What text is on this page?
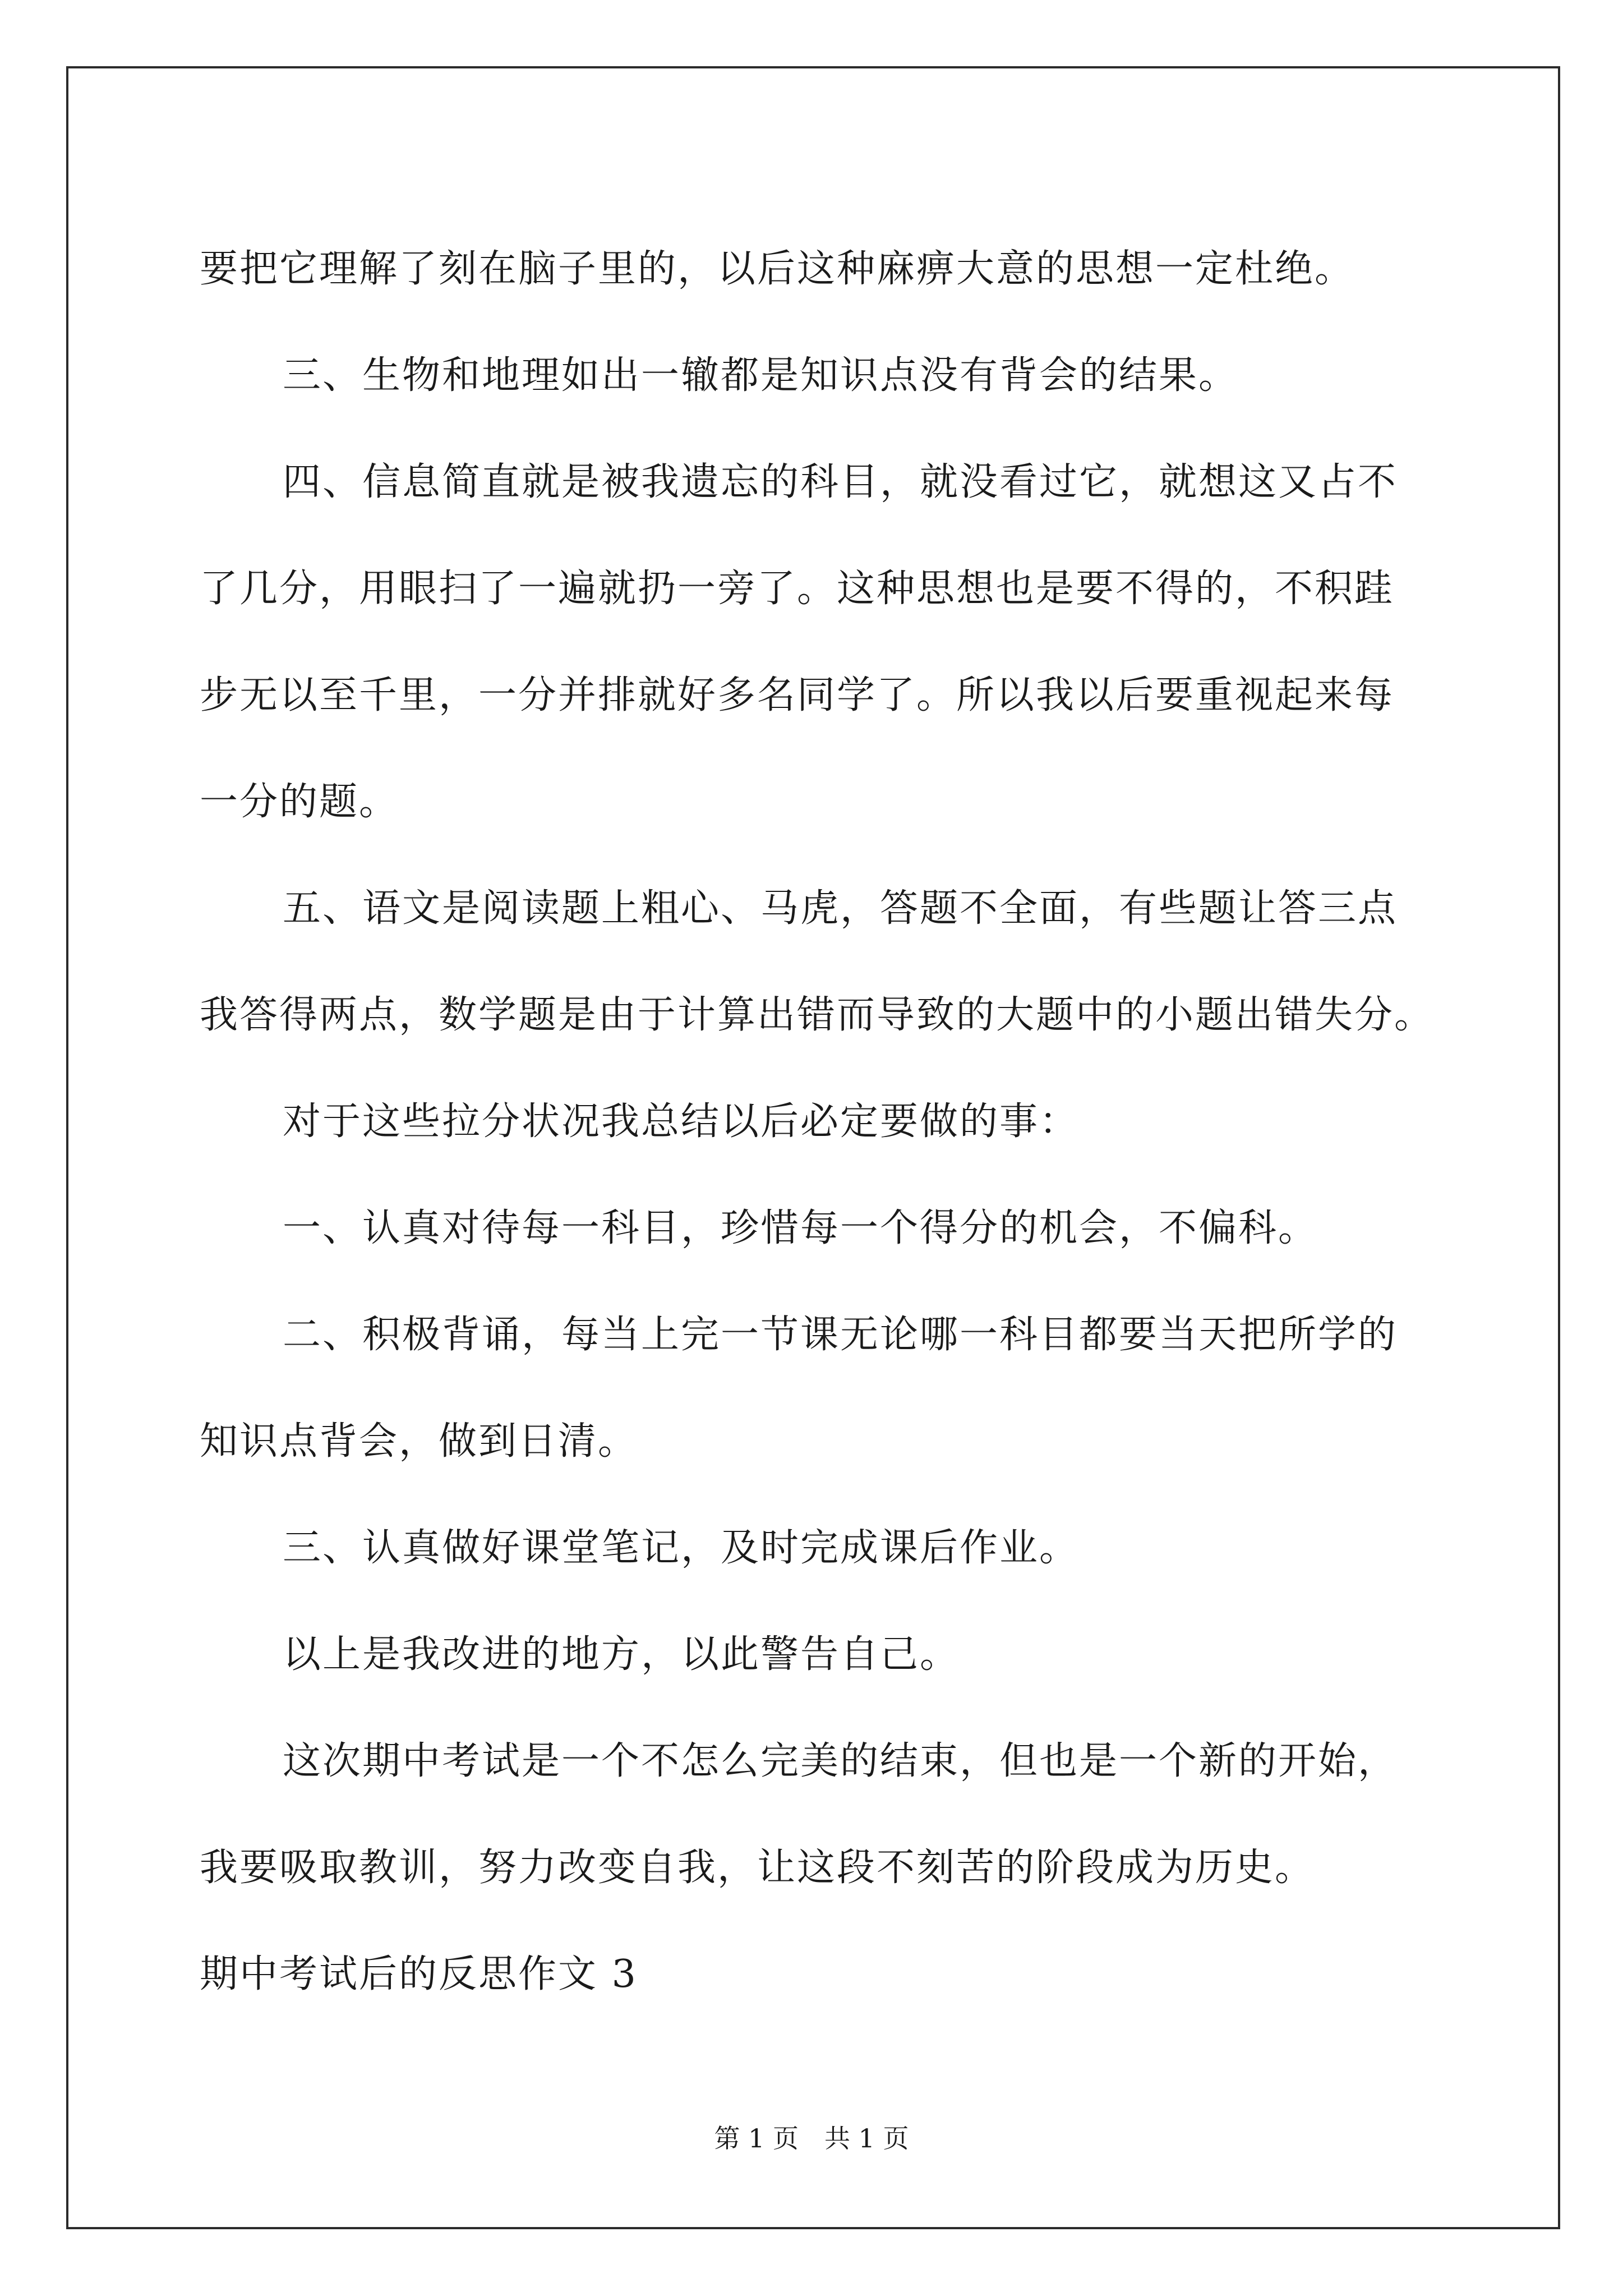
要把它理解了刻在脑子里的，以后这种麻痹大意的思想一定杜绝。
三、生物和地理如出一辙都是知识点没有背会的结果。
四、信息简直就是被我遗忘的科目，就没看过它，就想这又占不
了几分，用眼扫了一遍就扔一旁了。这种思想也是要不得的，不积跬
步无以至千里，一分并排就好多名同学了。所以我以后要重视起来每
一分的题。
五、语文是阅读题上粗心、马虎，答题不全面，有些题让答三点
我答得两点，数学题是由于计算出错而导致的大题中的小题出错失分。
对于这些拉分状况我总结以后必定要做的事：
一、认真对待每一科目，珍惜每一个得分的机会，不偏科。
二、积极背诵，每当上完一节课无论哪一科目都要当天把所学的
知识点背会，做到日清。
三、认真做好课堂笔记，及时完成课后作业。
以上是我改进的地方，以此警告自己。
这次期中考试是一个不怎么完美的结束，但也是一个新的开始，
我要吸取教训，努力改变自我，让这段不刻苦的阶段成为历史。
期中考试后的反思作文 3
第 1 页　共 1 页
